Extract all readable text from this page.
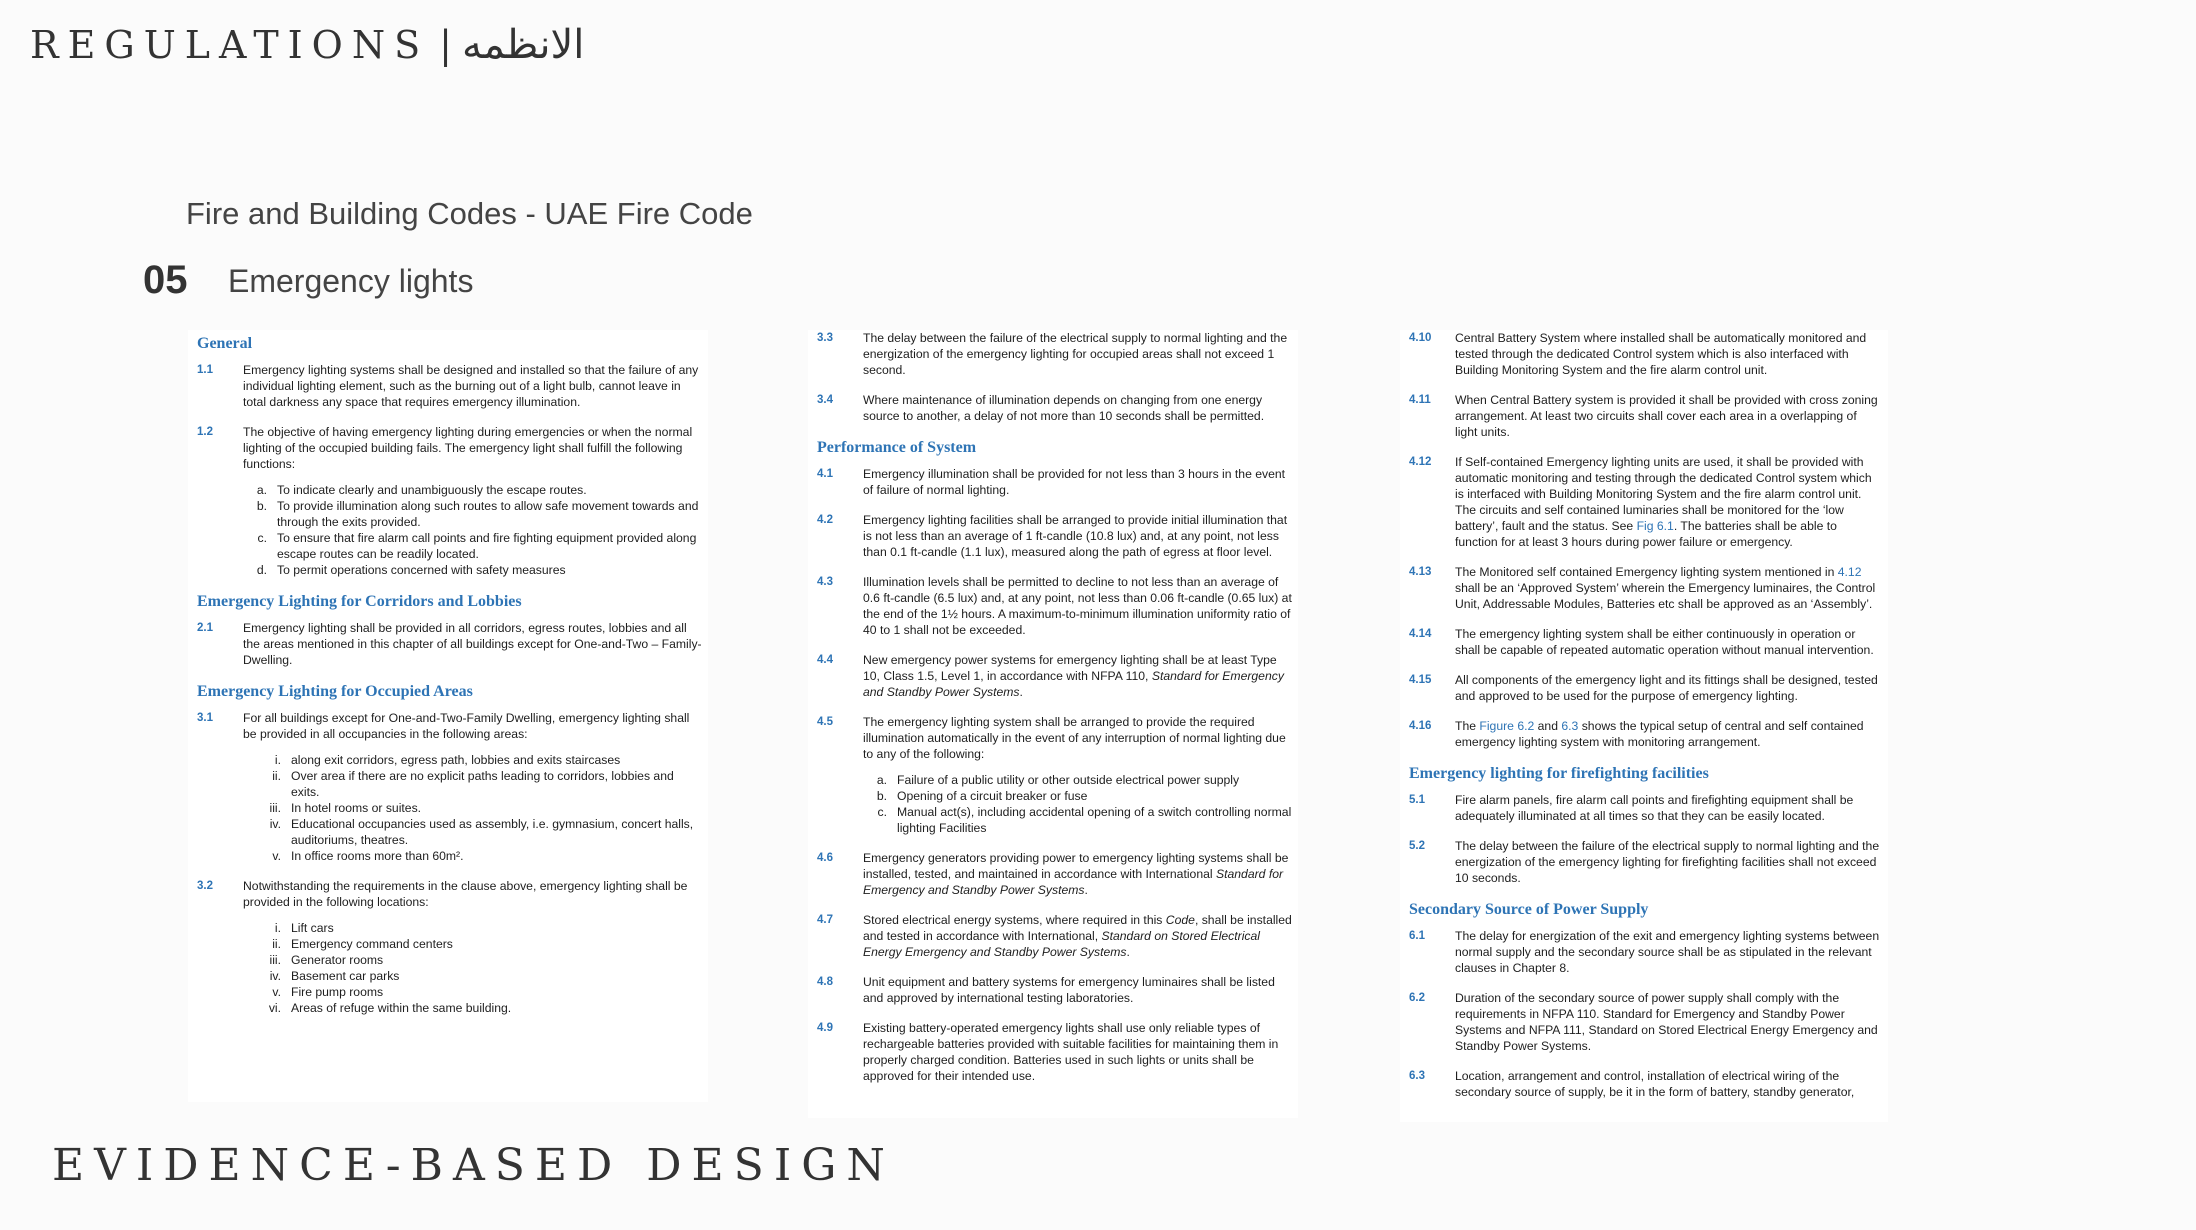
REGULATIONS | الانظمه
Fire and Building Codes - UAE Fire Code
05 Emergency lights
General
1.1	Emergency lighting systems shall be designed and installed so that the failure of any individual lighting element, such as the burning out of a light bulb, cannot leave in total darkness any space that requires emergency illumination.

1.2	The objective of having emergency lighting during emergencies or when the normal lighting of the occupied building fails. The emergency light shall fulfill the following functions:

a. To indicate clearly and unambiguously the escape routes.
b. To provide illumination along such routes to allow safe movement towards and through the exits provided.
c. To ensure that fire alarm call points and fire fighting equipment provided along escape routes can be readily located.
d. To permit operations concerned with safety measures
Emergency Lighting for Corridors and Lobbies
2.1	Emergency lighting shall be provided in all corridors, egress routes, lobbies and all the areas mentioned in this chapter of all buildings except for One-and-Two – Family-Dwelling.

Emergency Lighting for Occupied Areas
3.1	For all buildings except for One-and-Two-Family Dwelling, emergency lighting shall be provided in all occupancies in the following areas:

i. along exit corridors, egress path, lobbies and exits staircases
ii. Over area if there are no explicit paths leading to corridors, lobbies and exits.
iii. In hotel rooms or suites.
iv. Educational occupancies used as assembly, i.e. gymnasium, concert halls, auditoriums, theatres.
v. In office rooms more than 60m².
3.2	Notwithstanding the requirements in the clause above, emergency lighting shall be provided in the following locations:

i. Lift cars
ii. Emergency command centers
iii. Generator rooms
iv. Basement car parks
v. Fire pump rooms
vi. Areas of refuge within the same building.
3.3	The delay between the failure of the electrical supply to normal lighting and the energization of the emergency lighting for occupied areas shall not exceed 1 second.

3.4	Where maintenance of illumination depends on changing from one energy source to another, a delay of not more than 10 seconds shall be permitted.

Performance of System
4.1	Emergency illumination shall be provided for not less than 3 hours in the event of failure of normal lighting.

4.2	Emergency lighting facilities shall be arranged to provide initial illumination that is not less than an average of 1 ft-candle (10.8 lux) and, at any point, not less than 0.1 ft-candle (1.1 lux), measured along the path of egress at floor level.

4.3	Illumination levels shall be permitted to decline to not less than an average of 0.6 ft-candle (6.5 lux) and, at any point, not less than 0.06 ft-candle (0.65 lux) at the end of the 1½ hours. A maximum-to-minimum illumination uniformity ratio of 40 to 1 shall not be exceeded.

4.4	New emergency power systems for emergency lighting shall be at least Type 10, Class 1.5, Level 1, in accordance with NFPA 110, Standard for Emergency and Standby Power Systems.

4.5	The emergency lighting system shall be arranged to provide the required illumination automatically in the event of any interruption of normal lighting due to any of the following:

a. Failure of a public utility or other outside electrical power supply
b. Opening of a circuit breaker or fuse
c. Manual act(s), including accidental opening of a switch controlling normal lighting Facilities
4.6	Emergency generators providing power to emergency lighting systems shall be installed, tested, and maintained in accordance with International Standard for Emergency and Standby Power Systems.

4.7	Stored electrical energy systems, where required in this Code, shall be installed and tested in accordance with International, Standard on Stored Electrical Energy Emergency and Standby Power Systems.

4.8	Unit equipment and battery systems for emergency luminaires shall be listed and approved by international testing laboratories.

4.9	Existing battery-operated emergency lights shall use only reliable types of rechargeable batteries provided with suitable facilities for maintaining them in properly charged condition. Batteries used in such lights or units shall be approved for their intended use.

4.10	Central Battery System where installed shall be automatically monitored and tested through the dedicated Control system which is also interfaced with Building Monitoring System and the fire alarm control unit.

4.11	When Central Battery system is provided it shall be provided with cross zoning arrangement. At least two circuits shall cover each area in a overlapping of light units.

4.12	If Self-contained Emergency lighting units are used, it shall be provided with automatic monitoring and testing through the dedicated Control system which is interfaced with Building Monitoring System and the fire alarm control unit. The circuits and self contained luminaries shall be monitored for the ‘low battery’, fault and the status. See Fig 6.1. The batteries shall be able to function for at least 3 hours during power failure or emergency.

4.13	The Monitored self contained Emergency lighting system mentioned in 4.12 shall be an ‘Approved System’ wherein the Emergency luminaires, the Control Unit, Addressable Modules, Batteries etc shall be approved as an ‘Assembly’.

4.14	The emergency lighting system shall be either continuously in operation or shall be capable of repeated automatic operation without manual intervention.

4.15	All components of the emergency light and its fittings shall be designed, tested and approved to be used for the purpose of emergency lighting.

4.16	The Figure 6.2 and 6.3 shows the typical setup of central and self contained emergency lighting system with monitoring arrangement.

Emergency lighting for firefighting facilities
5.1	Fire alarm panels, fire alarm call points and firefighting equipment shall be adequately illuminated at all times so that they can be easily located.

5.2	The delay between the failure of the electrical supply to normal lighting and the energization of the emergency lighting for firefighting facilities shall not exceed 10 seconds.

Secondary Source of Power Supply
6.1	The delay for energization of the exit and emergency lighting systems between normal supply and the secondary source shall be as stipulated in the relevant clauses in Chapter 8.

6.2	Duration of the secondary source of power supply shall comply with the requirements in NFPA 110. Standard for Emergency and Standby Power Systems and NFPA 111, Standard on Stored Electrical Energy Emergency and Standby Power Systems.

6.3	Location, arrangement and control, installation of electrical wiring of the secondary source of supply, be it in the form of battery, standby generator,

EVIDENCE-BASED DESIGN
